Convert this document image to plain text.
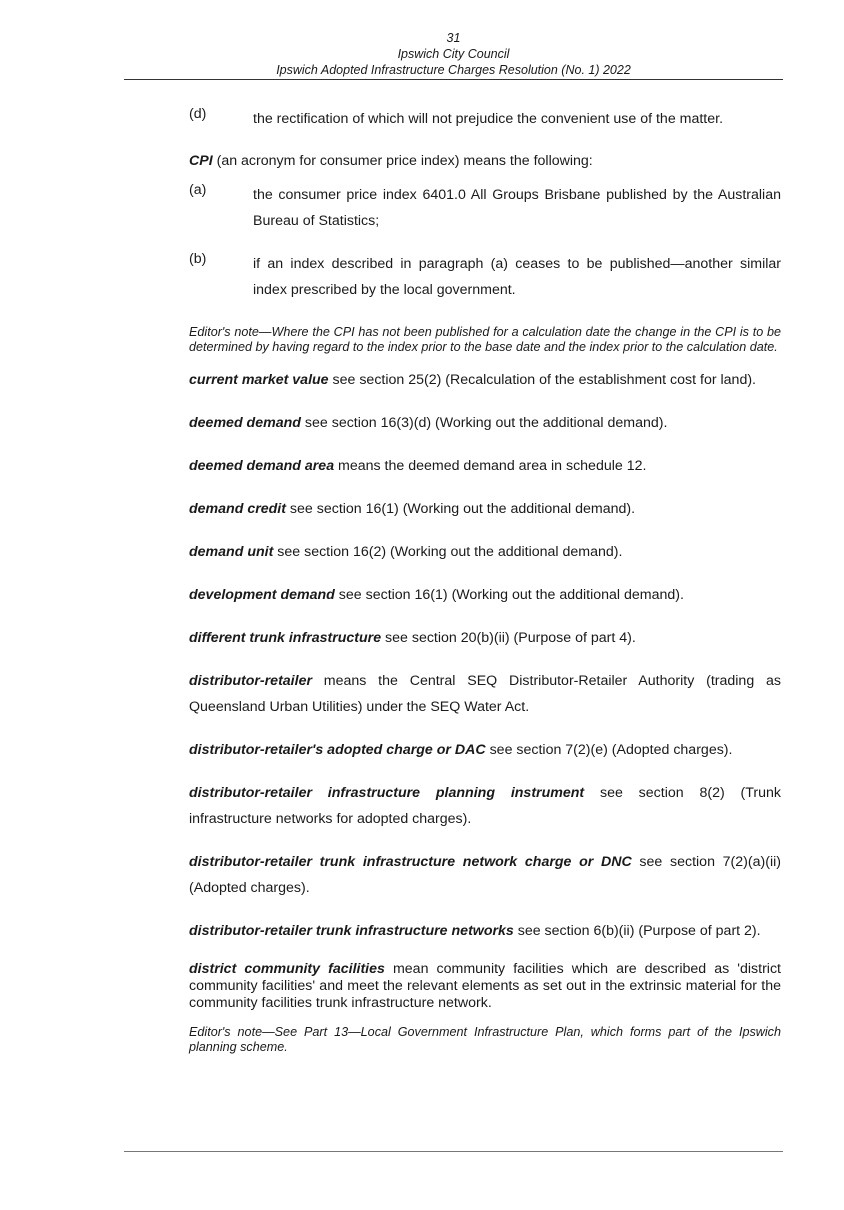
31
Ipswich City Council
Ipswich Adopted Infrastructure Charges Resolution (No. 1) 2022
(d)	the rectification of which will not prejudice the convenient use of the matter.

CPI (an acronym for consumer price index) means the following:

(a)	the consumer price index 6401.0 All Groups Brisbane published by the Australian Bureau of Statistics;
(b)	if an index described in paragraph (a) ceases to be published—another similar index prescribed by the local government.

Editor's note—Where the CPI has not been published for a calculation date the change in the CPI is to be determined by having regard to the index prior to the base date and the index prior to the calculation date.

current market value see section 25(2) (Recalculation of the establishment cost for land).

deemed demand see section 16(3)(d) (Working out the additional demand).

deemed demand area means the deemed demand area in schedule 12.

demand credit see section 16(1) (Working out the additional demand).

demand unit see section 16(2) (Working out the additional demand).

development demand see section 16(1) (Working out the additional demand).

different trunk infrastructure see section 20(b)(ii) (Purpose of part 4).

distributor-retailer means the Central SEQ Distributor-Retailer Authority (trading as Queensland Urban Utilities) under the SEQ Water Act.

distributor-retailer's adopted charge or DAC see section 7(2)(e) (Adopted charges).

distributor-retailer infrastructure planning instrument see section 8(2) (Trunk infrastructure networks for adopted charges).

distributor-retailer trunk infrastructure network charge or DNC see section 7(2)(a)(ii) (Adopted charges).

distributor-retailer trunk infrastructure networks see section 6(b)(ii) (Purpose of part 2).

district community facilities mean community facilities which are described as 'district community facilities' and meet the relevant elements as set out in the extrinsic material for the community facilities trunk infrastructure network.

Editor's note—See Part 13—Local Government Infrastructure Plan, which forms part of the Ipswich planning scheme.
